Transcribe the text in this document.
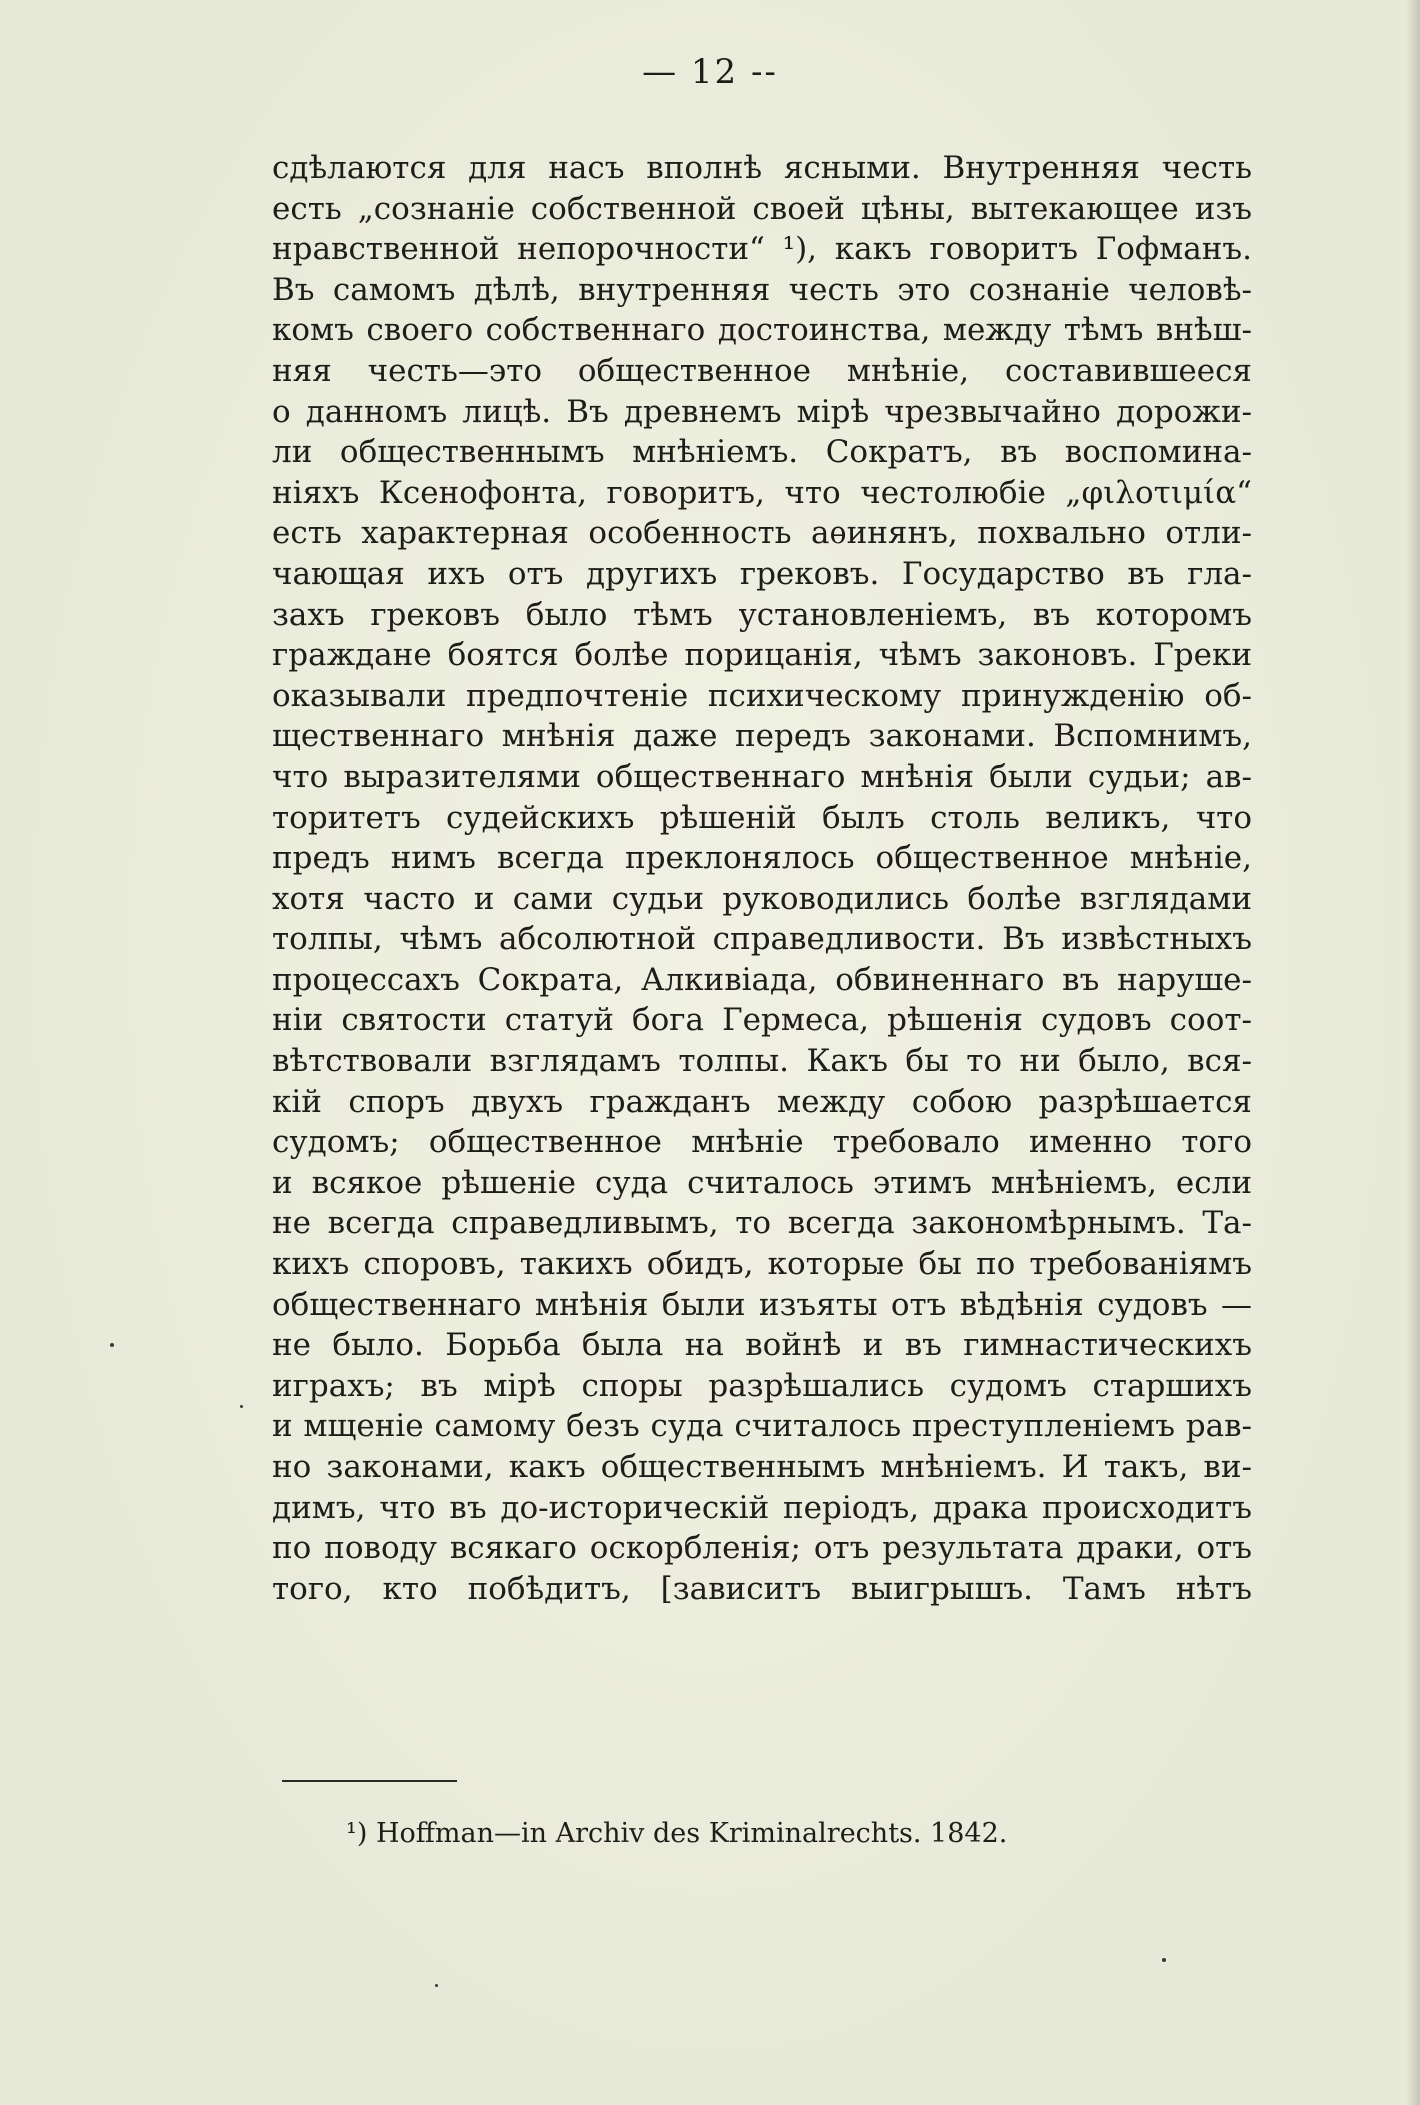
— 12 --
сдѣлаются для насъ вполнѣ ясными. Внутренняя честь
есть „сознаніе собственной своей цѣны, вытекающее изъ
нравственной непорочности“ ¹), какъ говоритъ Гофманъ.
Въ самомъ дѣлѣ, внутренняя честь это сознаніе человѣ-
комъ своего собственнаго достоинства, между тѣмъ внѣш-
няя честь—это общественное мнѣніе, составившееся
о данномъ лицѣ. Въ древнемъ мірѣ чрезвычайно дорожи-
ли общественнымъ мнѣніемъ. Сократъ, въ воспомина-
ніяхъ Ксенофонта, говоритъ, что честолюбіе „φιλοτιμία“
есть характерная особенность аѳинянъ, похвально отли-
чающая ихъ отъ другихъ грековъ. Государство въ гла-
захъ грековъ было тѣмъ установленіемъ, въ которомъ
граждане боятся болѣе порицанія, чѣмъ законовъ. Греки
оказывали предпочтеніе психическому принужденію об-
щественнаго мнѣнія даже передъ законами. Вспомнимъ,
что выразителями общественнаго мнѣнія были судьи; ав-
торитетъ судейскихъ рѣшеній былъ столь великъ, что
предъ нимъ всегда преклонялось общественное мнѣніе,
хотя часто и сами судьи руководились болѣе взглядами
толпы, чѣмъ абсолютной справедливости. Въ извѣстныхъ
процессахъ Сократа, Алкивіада, обвиненнаго въ наруше-
ніи святости статуй бога Гермеса, рѣшенія судовъ соот-
вѣтствовали взглядамъ толпы. Какъ бы то ни было, вся-
кій споръ двухъ гражданъ между собою разрѣшается
судомъ; общественное мнѣніе требовало именно того
и всякое рѣшеніе суда считалось этимъ мнѣніемъ, если
не всегда справедливымъ, то всегда закономѣрнымъ. Та-
кихъ споровъ, такихъ обидъ, которые бы по требованіямъ
общественнаго мнѣнія были изъяты отъ вѣдѣнія судовъ —
не было. Борьба была на войнѣ и въ гимнастическихъ
играхъ; въ мірѣ споры разрѣшались судомъ старшихъ
и мщеніе самому безъ суда считалось преступленіемъ рав-
но законами, какъ общественнымъ мнѣніемъ. И такъ, ви-
димъ, что въ до-историческій періодъ, драка происходитъ
по поводу всякаго оскорбленія; отъ результата драки, отъ
того, кто побѣдитъ, [зависитъ выигрышъ. Тамъ нѣтъ
¹) Hoffman—in Archiv des Kriminalrechts. 1842.
